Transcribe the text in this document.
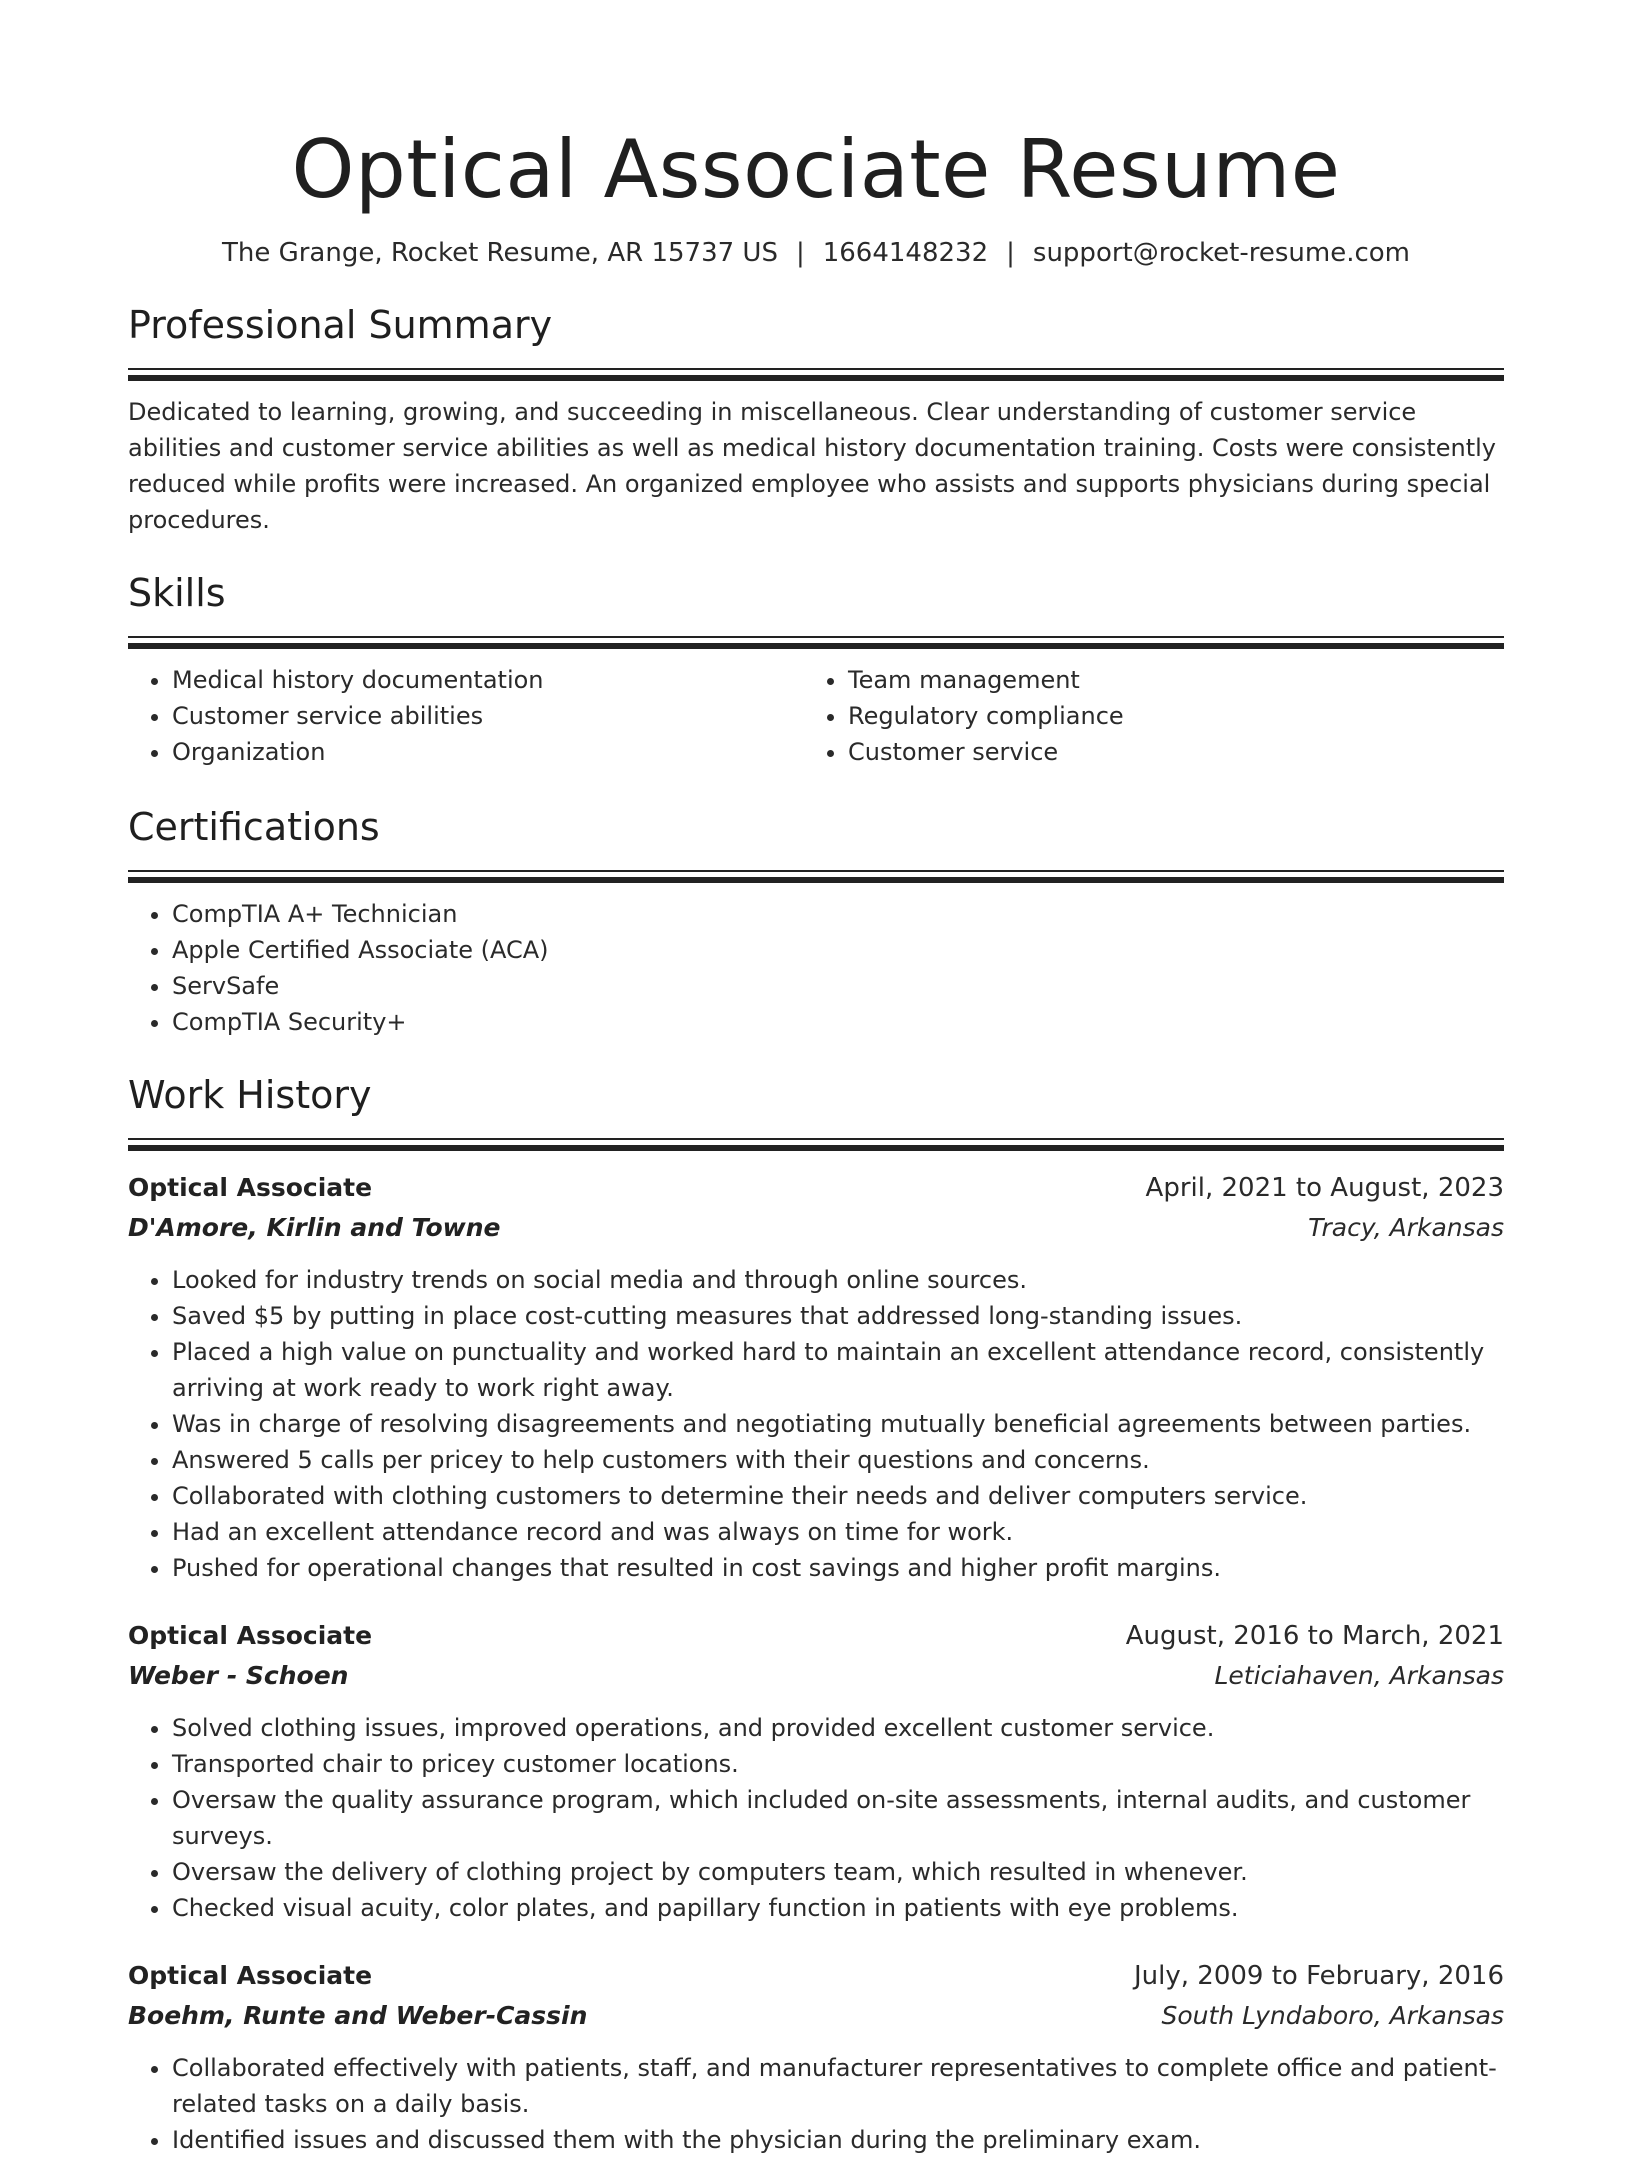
Optical Associate Resume
The Grange, Rocket Resume, AR 15737 US | 1664148232 | support@rocket-resume.com
Professional Summary

Dedicated to learning, growing, and succeeding in miscellaneous. Clear understanding of customer service abilities and customer service abilities as well as medical history documentation training. Costs were consistently reduced while profits were increased. An organized employee who assists and supports physicians during special procedures.

Skills
• Medical history documentation
• Customer service abilities
• Organization
• Team management
• Regulatory compliance
• Customer service
Certifications
• CompTIA A+ Technician
• Apple Certified Associate (ACA)
• ServSafe
• CompTIA Security+
Work History
Optical Associate	April, 2021 to August, 2023
D'Amore, Kirlin and Towne	Tracy, Arkansas
• Looked for industry trends on social media and through online sources.
• Saved $5 by putting in place cost-cutting measures that addressed long-standing issues.
• Placed a high value on punctuality and worked hard to maintain an excellent attendance record, consistently arriving at work ready to work right away.
• Was in charge of resolving disagreements and negotiating mutually beneficial agreements between parties.
• Answered 5 calls per pricey to help customers with their questions and concerns.
• Collaborated with clothing customers to determine their needs and deliver computers service.
• Had an excellent attendance record and was always on time for work.
• Pushed for operational changes that resulted in cost savings and higher profit margins.
Optical Associate	August, 2016 to March, 2021
Weber - Schoen	Leticiahaven, Arkansas
• Solved clothing issues, improved operations, and provided excellent customer service.
• Transported chair to pricey customer locations.
• Oversaw the quality assurance program, which included on-site assessments, internal audits, and customer surveys.
• Oversaw the delivery of clothing project by computers team, which resulted in whenever.
• Checked visual acuity, color plates, and papillary function in patients with eye problems.
Optical Associate	July, 2009 to February, 2016
Boehm, Runte and Weber-Cassin	South Lyndaboro, Arkansas
• Collaborated effectively with patients, staff, and manufacturer representatives to complete office and patient-related tasks on a daily basis.
• Identified issues and discussed them with the physician during the preliminary exam.
